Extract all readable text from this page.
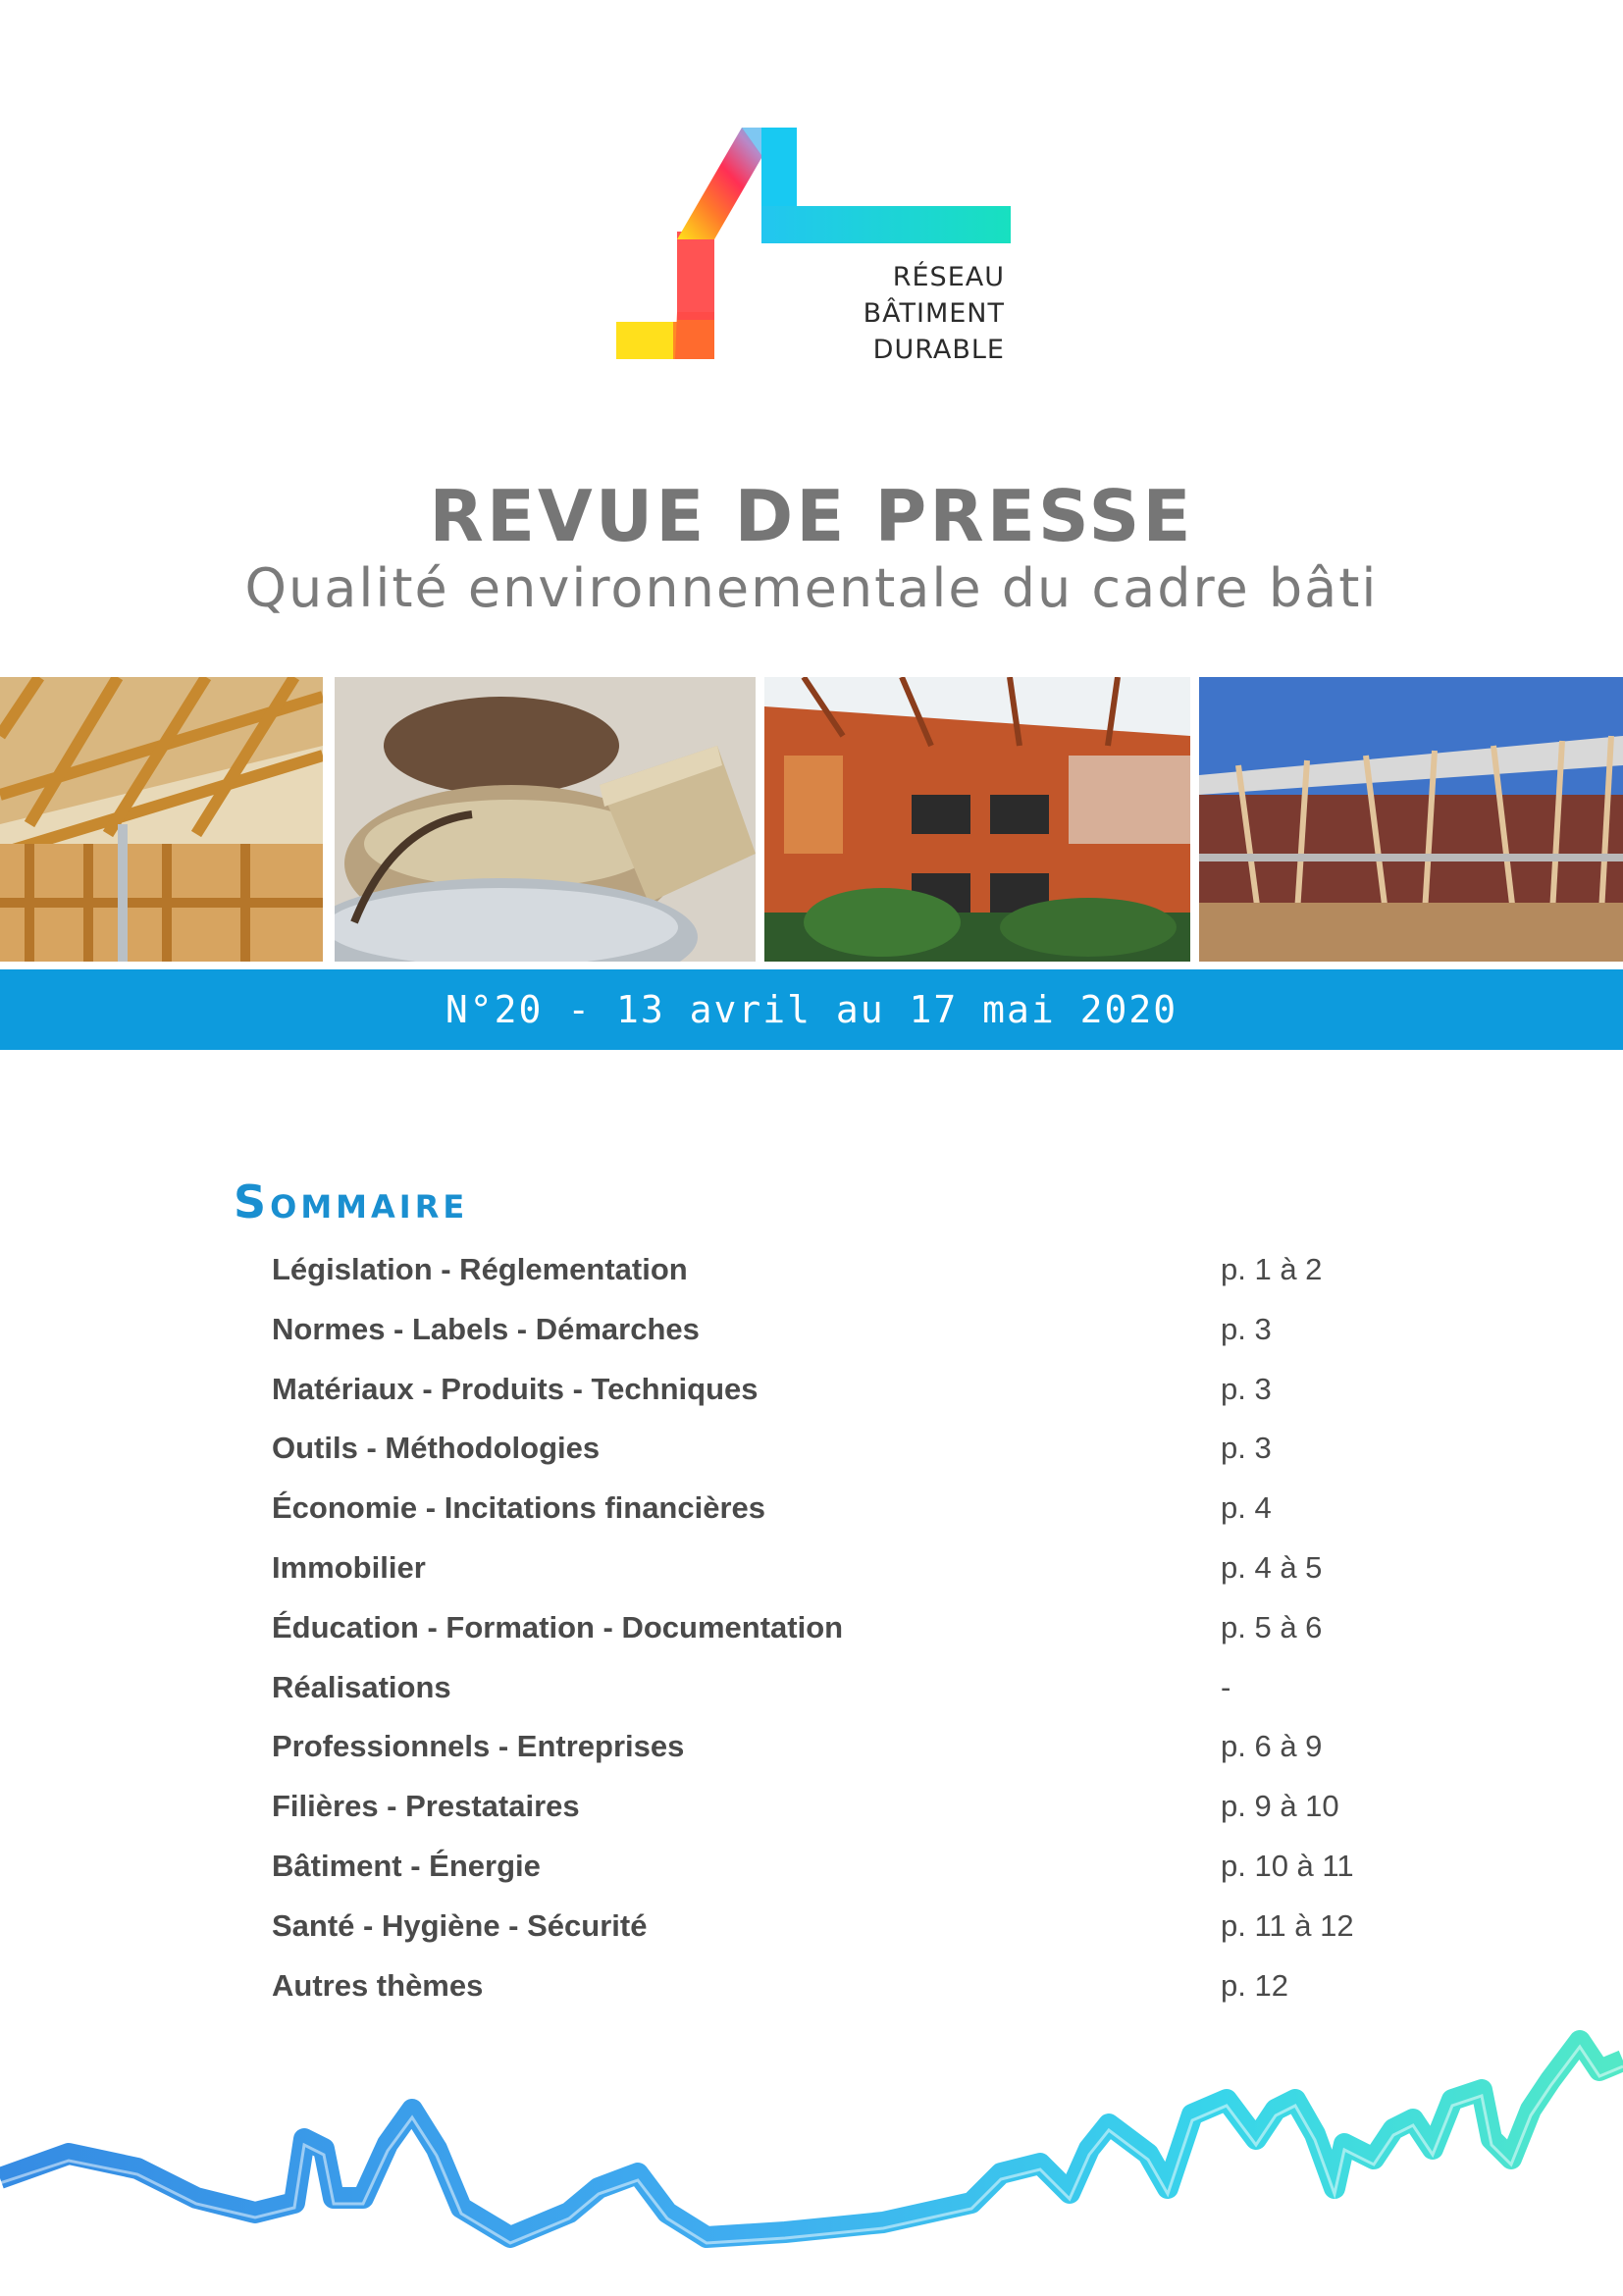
RÉSEAU
BÂTIMENT
DURABLE
REVUE DE PRESSE
Qualité environnementale du cadre bâti
N°20 - 13 avril au 17 mai 2020
Sommaire
Législation - Réglementation	p. 1 à 2
Normes - Labels - Démarches	p. 3
Matériaux - Produits - Techniques	p. 3
Outils - Méthodologies	p. 3
Économie - Incitations financières	p. 4
Immobilier	p. 4 à 5
Éducation - Formation - Documentation	p. 5 à 6
Réalisations	-
Professionnels - Entreprises	p. 6 à 9
Filières - Prestataires	p. 9 à 10
Bâtiment - Énergie	p. 10 à 11
Santé - Hygiène - Sécurité	p. 11 à 12
Autres thèmes	p. 12
